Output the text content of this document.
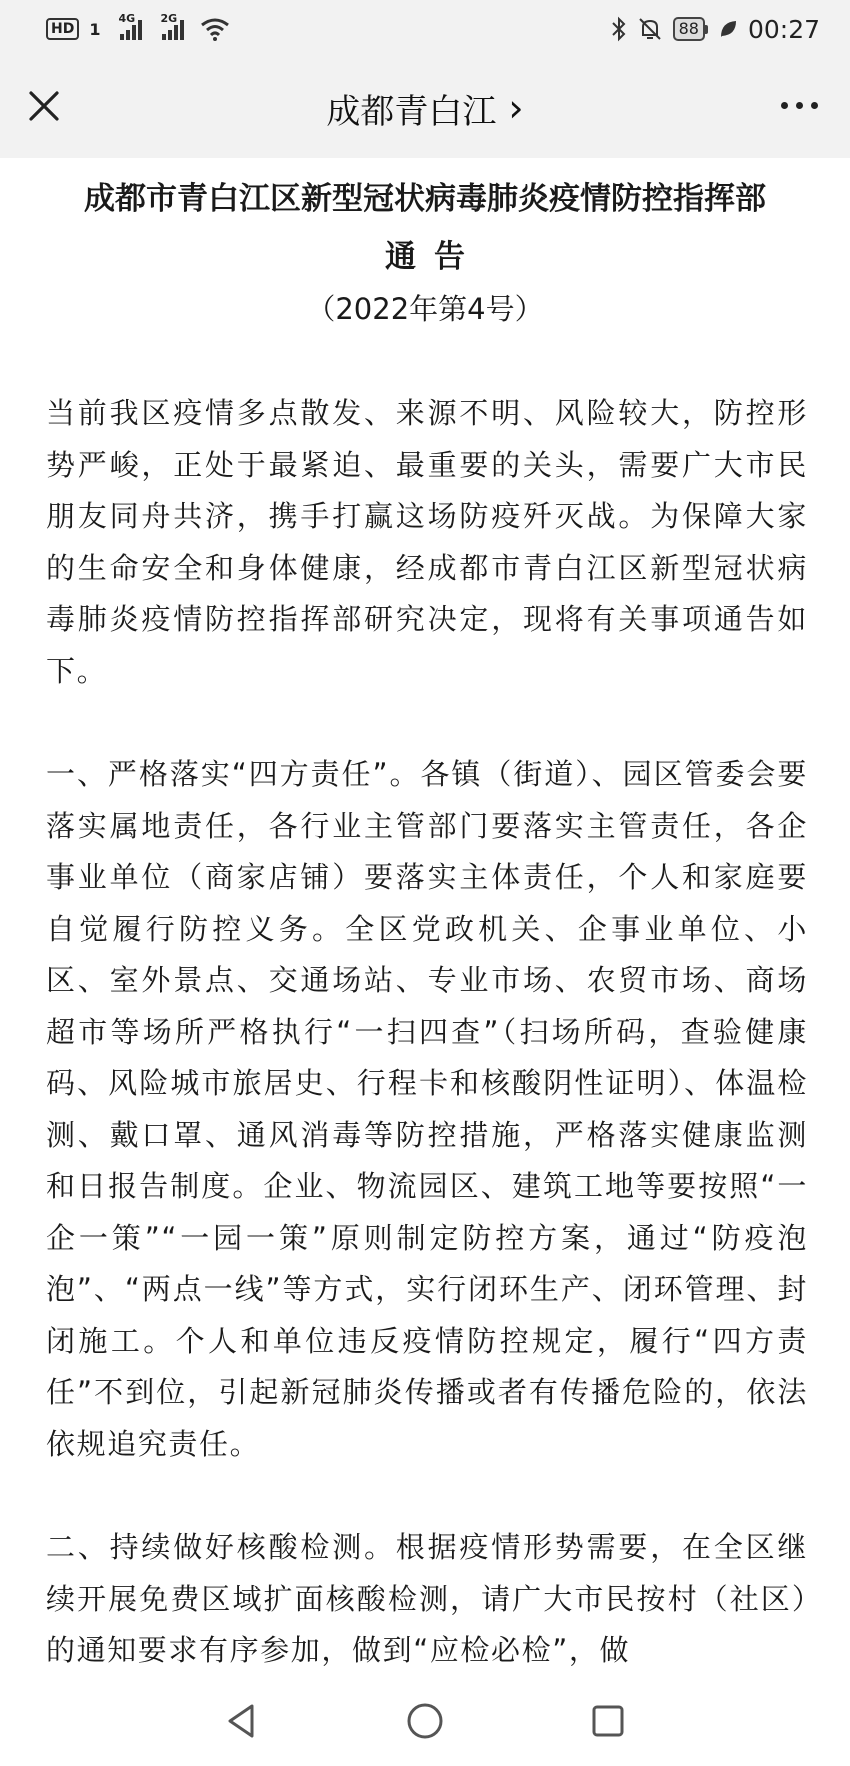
HD 1
4G 2G
88 00:27
成都青白江 ›
成都市青白江区新型冠状病毒肺炎疫情防控指挥部
通告
（2022年第4号）

当前我区疫情多点散发、来源不明、风险较大，防控形势严峻，正处于最紧迫、最重要的关头，需要广大市民朋友同舟共济，携手打赢这场防疫歼灭战。为保障大家的生命安全和身体健康，经成都市青白江区新型冠状病毒肺炎疫情防控指挥部研究决定，现将有关事项通告如下。

一、严格落实“四方责任”。各镇（街道）、园区管委会要落实属地责任，各行业主管部门要落实主管责任，各企事业单位（商家店铺）要落实主体责任，个人和家庭要自觉履行防控义务。全区党政机关、企事业单位、小区、室外景点、交通场站、专业市场、农贸市场、商场超市等场所严格执行“一扫四查”（扫场所码，查验健康码、风险城市旅居史、行程卡和核酸阴性证明）、体温检测、戴口罩、通风消毒等防控措施，严格落实健康监测和日报告制度。企业、物流园区、建筑工地等要按照“一企一策”“一园一策”原则制定防控方案，通过“防疫泡泡”、“两点一线”等方式，实行闭环生产、闭环管理、封闭施工。个人和单位违反疫情防控规定，履行“四方责任”不到位，引起新冠肺炎传播或者有传播危险的，依法依规追究责任。

二、持续做好核酸检测。根据疫情形势需要，在全区继续开展免费区域扩面核酸检测，请广大市民按村（社区）的通知要求有序参加，做到“应检必检”，做
